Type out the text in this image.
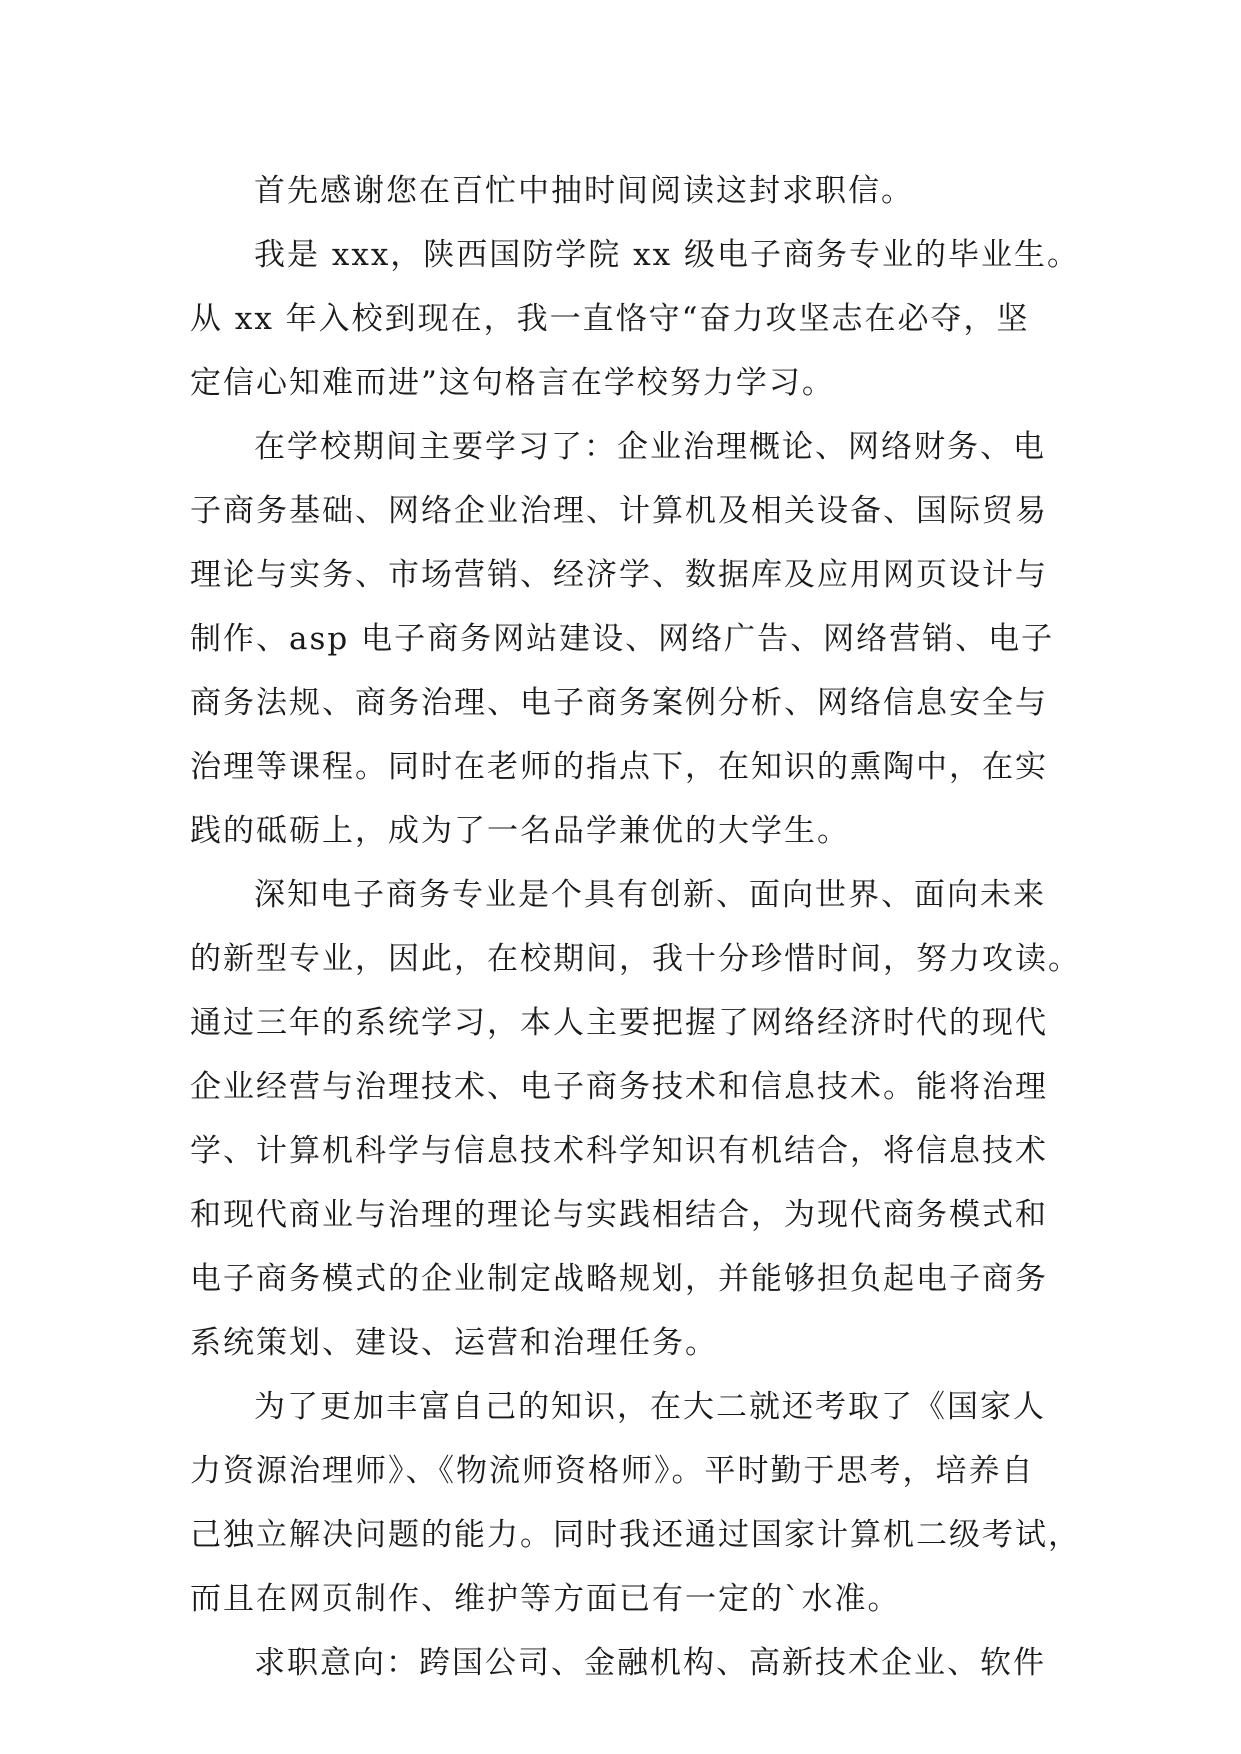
首先感谢您在百忙中抽时间阅读这封求职信。
我是 xxx，陕西国防学院 xx 级电子商务专业的毕业生。
从 xx 年入校到现在，我一直恪守“奋力攻坚志在必夺，坚
定信心知难而进”这句格言在学校努力学习。
在学校期间主要学习了：企业治理概论、网络财务、电
子商务基础、网络企业治理、计算机及相关设备、国际贸易
理论与实务、市场营销、经济学、数据库及应用网页设计与
制作、asp 电子商务网站建设、网络广告、网络营销、电子
商务法规、商务治理、电子商务案例分析、网络信息安全与
治理等课程。同时在老师的指点下，在知识的熏陶中，在实
践的砥砺上，成为了一名品学兼优的大学生。
深知电子商务专业是个具有创新、面向世界、面向未来
的新型专业，因此，在校期间，我十分珍惜时间，努力攻读。
通过三年的系统学习，本人主要把握了网络经济时代的现代
企业经营与治理技术、电子商务技术和信息技术。能将治理
学、计算机科学与信息技术科学知识有机结合，将信息技术
和现代商业与治理的理论与实践相结合，为现代商务模式和
电子商务模式的企业制定战略规划，并能够担负起电子商务
系统策划、建设、运营和治理任务。
为了更加丰富自己的知识，在大二就还考取了《国家人
力资源治理师》、《物流师资格师》。平时勤于思考，培养自
己独立解决问题的能力。同时我还通过国家计算机二级考试，
而且在网页制作、维护等方面已有一定的`水准。
求职意向：跨国公司、金融机构、高新技术企业、软件
